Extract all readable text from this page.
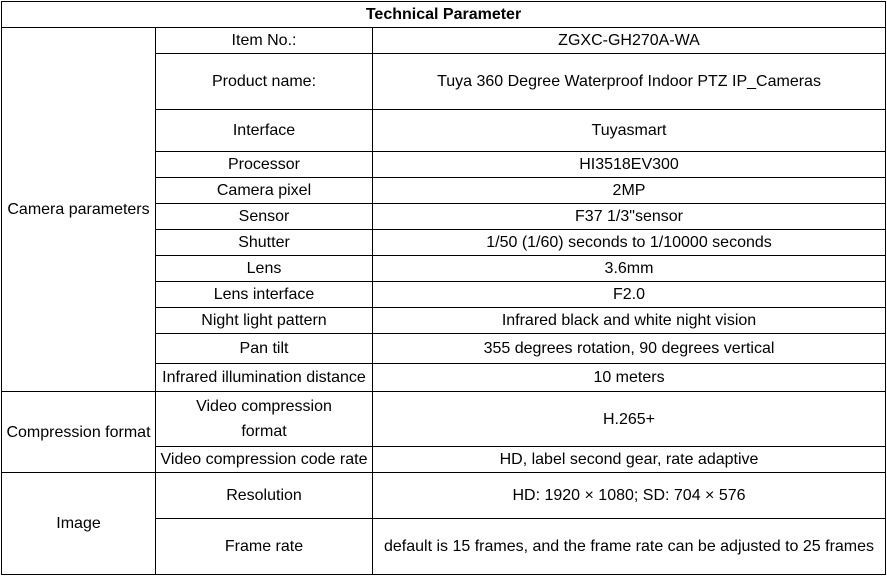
Technical Parameter		
Camera parameters	Item No.:	ZGXC-GH270A-WA
	Product name:	Tuya 360 Degree Waterproof Indoor PTZ IP_Cameras
	Interface	Tuyasmart
	Processor	HI3518EV300
	Camera pixel	2MP
	Sensor	F37 1/3"sensor
	Shutter	1/50 (1/60) seconds to 1/10000 seconds
	Lens	3.6mm
	Lens interface	F2.0
	Night light pattern	Infrared black and white night vision
	Pan tilt	355 degrees rotation, 90 degrees vertical
	Infrared illumination distance	10 meters
Compression format	Video compression format	H.265+
	Video compression code rate	HD, label second gear, rate adaptive
Image	Resolution	HD: 1920 × 1080; SD: 704 × 576
	Frame rate	default is 15 frames, and the frame rate can be adjusted to 25 frames
